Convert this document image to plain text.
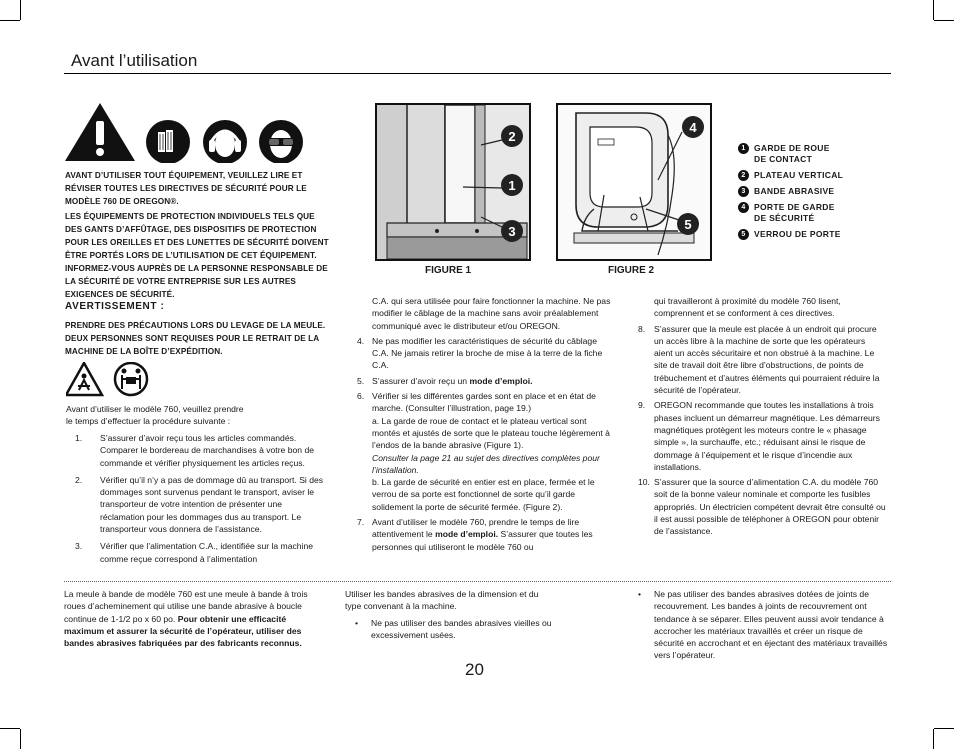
Avant l’utilisation
AVANT D’UTILISER TOUT ÉQUIPEMENT, VEUILLEZ LIRE ET RÉVISER TOUTES LES DIRECTIVES DE SÉCURITÉ POUR LE MODÈLE 760 DE OREGON®.
LES ÉQUIPEMENTS DE PROTECTION INDIVIDUELS TELS QUE DES GANTS D’AFFÛTAGE, DES DISPOSITIFS DE PROTECTION POUR LES OREILLES ET DES LUNETTES DE SÉCURITÉ DOIVENT ÊTRE PORTÉS LORS DE L’UTILISATION DE CET ÉQUIPEMENT. INFORMEZ-VOUS AUPRÈS DE LA PERSONNE RESPONSABLE DE LA SÉCURITÉ DE VOTRE ENTREPRISE SUR LES AUTRES EXIGENCES DE SÉCURITÉ.
AVERTISSEMENT :
PRENDRE DES PRÉCAUTIONS LORS DU LEVAGE DE LA MEULE. DEUX PERSONNES SONT REQUISES POUR LE RETRAIT DE LA MACHINE DE LA BOÎTE D’EXPÉDITION.
Avant d’utiliser le modèle 760, veuillez prendre
le temps d’effectuer la procédure suivante :
1.	S’assurer d’avoir reçu tous les articles commandés. Comparer le bordereau de marchandises à votre bon de commande et vérifier physiquement les articles reçus.
2.	Vérifier qu’il n’y a pas de dommage dû au transport. Si des dommages sont survenus pendant le transport, aviser le transporteur de votre intention de présenter une réclamation pour les dommages dus au transport. Le transporteur vous donnera de l’assistance.
3.	Vérifier que l’alimentation C.A., identifiée sur la machine comme reçue correspond à l’alimentation
2
1
3
FIGURE 1
4
5
FIGURE 2
1 GARDE DE ROUE
DE CONTACT
2 PLATEAU VERTICAL
3 BANDE ABRASIVE
4 PORTE DE GARDE
DE SÉCURITÉ
5 VERROU DE PORTE
C.A. qui sera utilisée pour faire fonctionner la machine. Ne pas modifier le câblage de la machine sans avoir préalablement communiqué avec le distributeur et/ou OREGON.
4. Ne pas modifier les caractéristiques de sécurité du câblage C.A. Ne jamais retirer la broche de mise à la terre de la fiche C.A.
5. S’assurer d’avoir reçu un mode d’emploi.
6. Vérifier si les différentes gardes sont en place et en état de marche. (Consulter l’illustration, page 19.)
a. La garde de roue de contact et le plateau vertical sont montés et ajustés de sorte que le plateau touche légèrement à l’endos de la bande abrasive (Figure 1).
Consulter la page 21 au sujet des directives complètes pour l’installation.
b. La garde de sécurité en entier est en place, fermée et le verrou de sa porte est fonctionnel de sorte qu’il garde solidement la porte de sécurité fermée. (Figure 2).
7. Avant d’utiliser le modèle 760, prendre le temps de lire attentivement le mode d’emploi. S’assurer que toutes les personnes qui utiliseront le modèle 760 ou
qui travailleront à proximité du modèle 760 lisent, comprennent et se conforment à ces directives.
8.	S’assurer que la meule est placée à un endroit qui procure un accès libre à la machine de sorte que les opérateurs aient un accès sécuritaire et non obstrué à la machine. Le site de travail doit être libre d’obstructions, de points de trébuchement et d’autres éléments qui pourraient réduire la sécurité de l’opérateur.
9.	OREGON recommande que toutes les installations à trois phases incluent un démarreur magnétique. Les démarreurs magnétiques protègent les moteurs contre le « phasage simple », la surchauffe, etc.; réduisant ainsi le risque de dommage à l’équipement et le risque d’incendie aux installations.
10. S’assurer que la source d’alimentation C.A. du modèle 760 soit de la bonne valeur nominale et comporte les fusibles appropriés. Un électricien compétent devrait être consulté ou il est aussi possible de téléphoner à OREGON pour obtenir de l’assistance.
La meule à bande de modèle 760 est une meule à bande à trois roues d’acheminement qui utilise une bande abrasive à boucle continue de 1-1/2 po x 60 po. Pour obtenir une efficacité maximum et assurer la sécurité de l’opérateur, utiliser des bandes abrasives fabriquées par des fabricants reconnus.
Utiliser les bandes abrasives de la dimension et du type convenant à la machine.
•	Ne pas utiliser des bandes abrasives vieilles ou excessivement usées.
•	Ne pas utiliser des bandes abrasives dotées de joints de recouvrement. Les bandes à joints de recouvrement ont tendance à se séparer. Elles peuvent aussi avoir tendance à accrocher les matériaux travaillés et créer un risque de sécurité en accrochant et en éjectant des matériaux travaillés vers l’opérateur.
20
